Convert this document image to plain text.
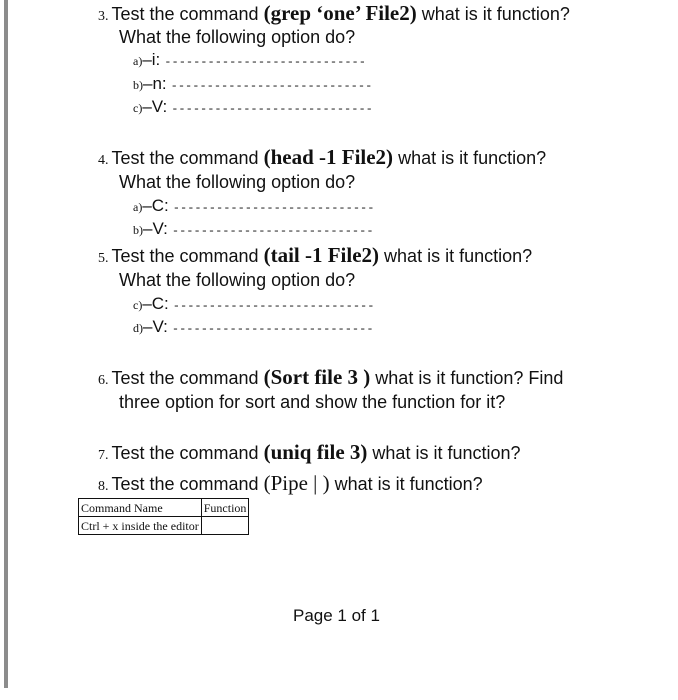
3. Test the command (grep ‘one’ File2) what is it function?
What the following option do?
a)–i: ----------------------------
b)–n: ----------------------------
c)–V: ----------------------------
4. Test the command (head -1 File2) what is it function?
What the following option do?
a)–C: ----------------------------
b)–V: ----------------------------
5. Test the command (tail -1 File2) what is it function?
What the following option do?
c)–C: ----------------------------
d)–V: ----------------------------
6. Test the command (Sort file 3 ) what is it function? Find
three option for sort and show the function for it?
7. Test the command (uniq file 3) what is it function?
8. Test the command (Pipe | ) what is it function?
Command Name	Function
Ctrl + x inside the editor	
Page 1 of 1
